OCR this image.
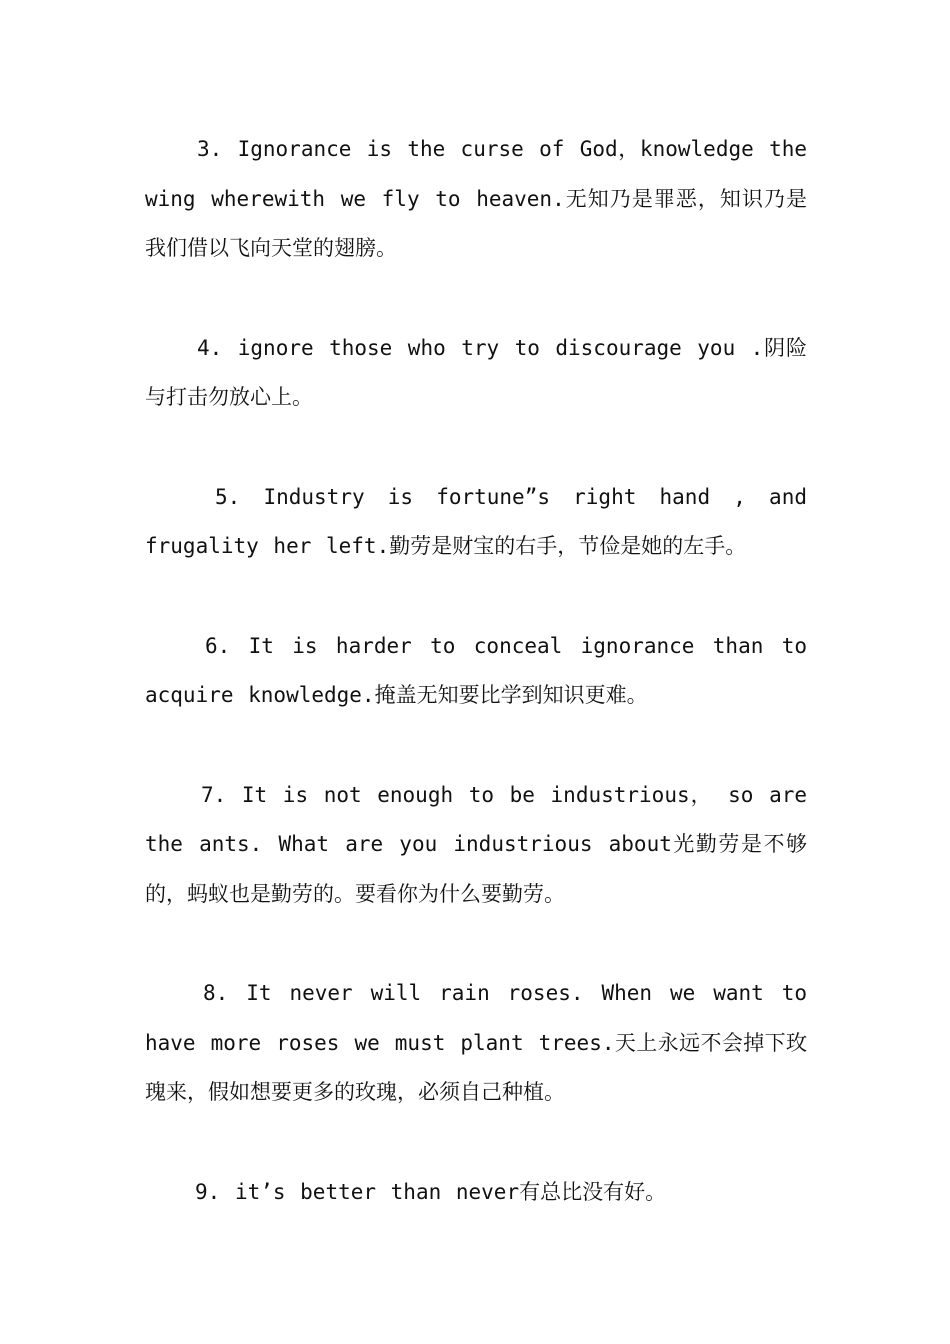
3. Ignorance is the curse of God，knowledge the wing wherewith we fly to heaven.无知乃是罪恶，知识乃是我们借以飞向天堂的翅膀。

4. ignore those who try to discourage you .阴险与打击勿放心上。

5. Industry is fortune”s right hand , and frugality her left.勤劳是财宝的右手，节俭是她的左手。

6. It is harder to conceal ignorance than to acquire knowledge.掩盖无知要比学到知识更难。

7. It is not enough to be industrious， so are the ants. What are you industrious about光勤劳是不够的，蚂蚁也是勤劳的。要看你为什么要勤劳。

8. It never will rain roses. When we want to have more roses we must plant trees.天上永远不会掉下玫瑰来，假如想要更多的玫瑰，必须自己种植。

9. it’s better than never有总比没有好。
